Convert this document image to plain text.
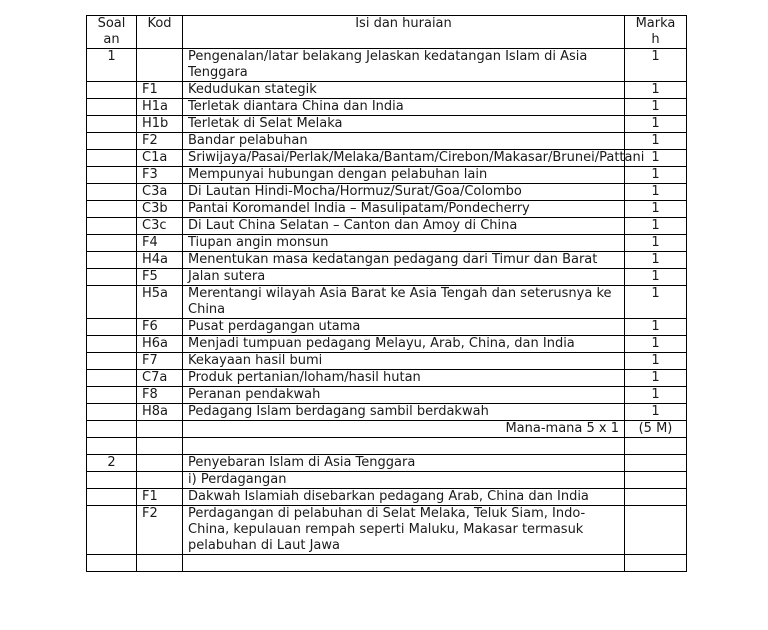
Soal an	Kod	Isi dan huraian	Marka h
1		Pengenalan/latar belakang Jelaskan kedatangan Islam di Asia Tenggara	1
	F1	Kedudukan stategik	1
	H1a	Terletak diantara China dan India	1
	H1b	Terletak di Selat Melaka	1
	F2	Bandar pelabuhan	1
	C1a	Sriwijaya/Pasai/Perlak/Melaka/Bantam/Cirebon/Makasar/Brunei/Pattani	1
	F3	Mempunyai hubungan dengan pelabuhan lain	1
	C3a	Di Lautan Hindi-Mocha/Hormuz/Surat/Goa/Colombo	1
	C3b	Pantai Koromandel India – Masulipatam/Pondecherry	1
	C3c	Di Laut China Selatan – Canton dan Amoy di China	1
	F4	Tiupan angin monsun	1
	H4a	Menentukan masa kedatangan pedagang dari Timur dan Barat	1
	F5	Jalan sutera	1
	H5a	Merentangi wilayah Asia Barat ke Asia Tengah dan seterusnya ke China	1
	F6	Pusat perdagangan utama	1
	H6a	Menjadi tumpuan pedagang Melayu, Arab, China, dan India	1
	F7	Kekayaan hasil bumi	1
	C7a	Produk pertanian/loham/hasil hutan	1
	F8	Peranan pendakwah	1
	H8a	Pedagang Islam berdagang sambil berdakwah	1
		Mana-mana 5 x 1	(5 M)

2		Penyebaran Islam di Asia Tenggara	
		i) Perdagangan	
	F1	Dakwah Islamiah disebarkan pedagang Arab, China dan India	
	F2	Perdagangan di pelabuhan di Selat Melaka, Teluk Siam, Indo-China, kepulauan rempah seperti Maluku, Makasar termasuk pelabuhan di Laut Jawa	
